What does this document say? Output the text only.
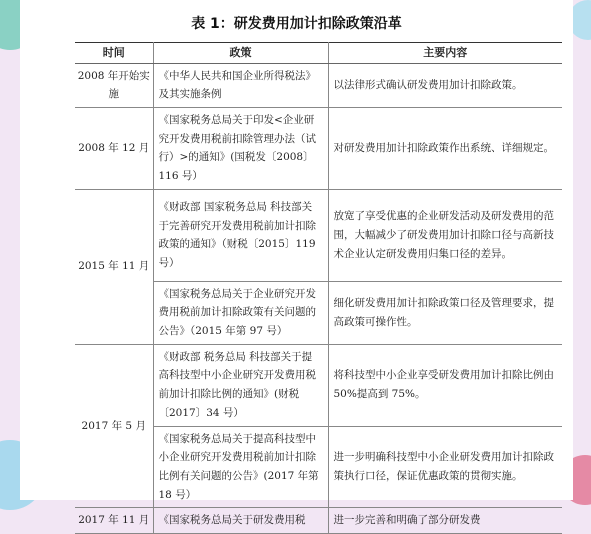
表 1：研发费用加计扣除政策沿革
时间	政策	主要内容
2008 年开始实施	《中华人民共和国企业所得税法》及其实施条例	以法律形式确认研发费用加计扣除政策。
2008 年 12 月	《国家税务总局关于印发<企业研究开发费用税前扣除管理办法（试行）>的通知》(国税发〔2008〕116 号）	对研发费用加计扣除政策作出系统、详细规定。
2015 年 11 月	《财政部 国家税务总局 科技部关于完善研究开发费用税前加计扣除政策的通知》（财税〔2015〕119 号）	放宽了享受优惠的企业研发活动及研发费用的范围，大幅减少了研发费用加计扣除口径与高新技术企业认定研发费用归集口径的差异。
	《国家税务总局关于企业研究开发费用税前加计扣除政策有关问题的公告》（2015 年第 97 号）	细化研发费用加计扣除政策口径及管理要求，提高政策可操作性。
2017 年 5 月	《财政部 税务总局 科技部关于提高科技型中小企业研究开发费用税前加计扣除比例的通知》(财税〔2017〕34 号）	将科技型中小企业享受研发费用加计扣除比例由 50%提高到 75%。
	《国家税务总局关于提高科技型中小企业研究开发费用税前加计扣除比例有关问题的公告》(2017 年第 18 号）	进一步明确科技型中小企业研发费用加计扣除政策执行口径，保证优惠政策的贯彻实施。
2017 年 11 月	《国家税务总局关于研发费用税	进一步完善和明确了部分研发费
